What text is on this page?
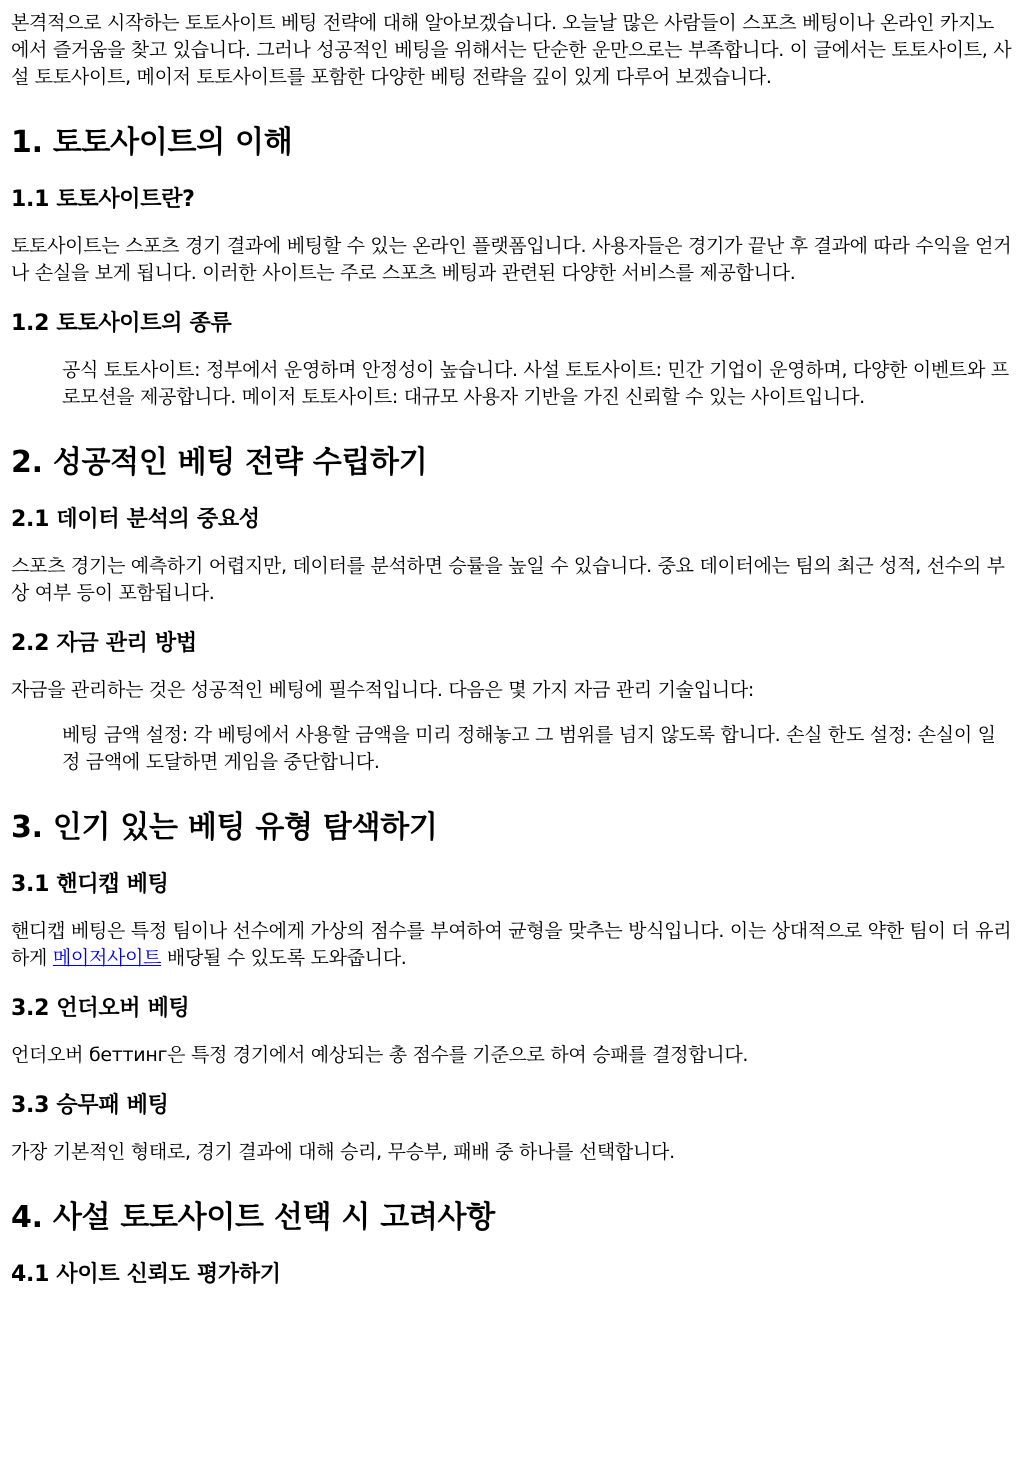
본격적으로 시작하는 토토사이트 베팅 전략에 대해 알아보겠습니다. 오늘날 많은 사람들이 스포츠 베팅이나 온라인 카지노에서 즐거움을 찾고 있습니다. 그러나 성공적인 베팅을 위해서는 단순한 운만으로는 부족합니다. 이 글에서는 토토사이트, 사설 토토사이트, 메이저 토토사이트를 포함한 다양한 베팅 전략을 깊이 있게 다루어 보겠습니다.

1. 토토사이트의 이해
1.1 토토사이트란?

토토사이트는 스포츠 경기 결과에 베팅할 수 있는 온라인 플랫폼입니다. 사용자들은 경기가 끝난 후 결과에 따라 수익을 얻거나 손실을 보게 됩니다. 이러한 사이트는 주로 스포츠 베팅과 관련된 다양한 서비스를 제공합니다.

1.2 토토사이트의 종류
공식 토토사이트: 정부에서 운영하며 안정성이 높습니다. 사설 토토사이트: 민간 기업이 운영하며, 다양한 이벤트와 프로모션을 제공합니다. 메이저 토토사이트: 대규모 사용자 기반을 가진 신뢰할 수 있는 사이트입니다.
2. 성공적인 베팅 전략 수립하기
2.1 데이터 분석의 중요성

스포츠 경기는 예측하기 어렵지만, 데이터를 분석하면 승률을 높일 수 있습니다. 중요 데이터에는 팀의 최근 성적, 선수의 부상 여부 등이 포함됩니다.

2.2 자금 관리 방법

자금을 관리하는 것은 성공적인 베팅에 필수적입니다. 다음은 몇 가지 자금 관리 기술입니다:

베팅 금액 설정: 각 베팅에서 사용할 금액을 미리 정해놓고 그 범위를 넘지 않도록 합니다. 손실 한도 설정: 손실이 일정 금액에 도달하면 게임을 중단합니다.
3. 인기 있는 베팅 유형 탐색하기
3.1 핸디캡 베팅

핸디캡 베팅은 특정 팀이나 선수에게 가상의 점수를 부여하여 균형을 맞추는 방식입니다. 이는 상대적으로 약한 팀이 더 유리하게 메이저사이트 배당될 수 있도록 도와줍니다.

3.2 언더오버 베팅

언더오버 беттинг은 특정 경기에서 예상되는 총 점수를 기준으로 하여 승패를 결정합니다.

3.3 승무패 베팅

가장 기본적인 형태로, 경기 결과에 대해 승리, 무승부, 패배 중 하나를 선택합니다.

4. 사설 토토사이트 선택 시 고려사항
4.1 사이트 신뢰도 평가하기
